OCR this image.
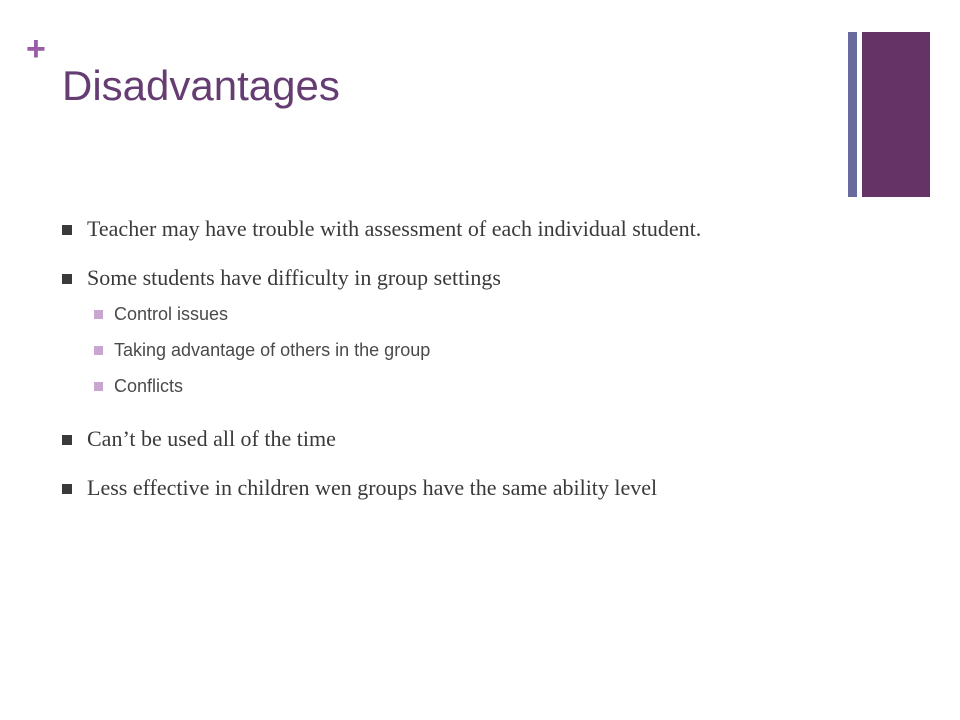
+
Disadvantages
Teacher may have trouble with assessment of each individual student.
Some students have difficulty in group settings
Control issues
Taking advantage of others in the group
Conflicts
Can’t be used all of the time
Less effective in children wen groups have the same ability level
